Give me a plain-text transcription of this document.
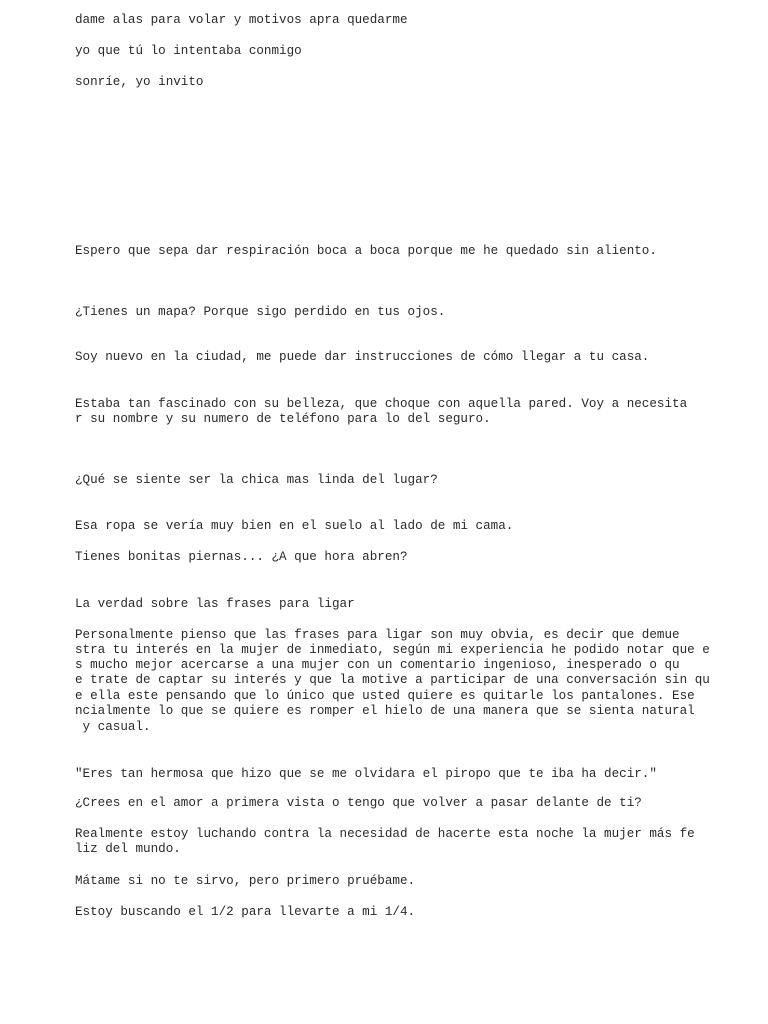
dame alas para volar y motivos apra quedarme

yo que tú lo intentaba conmigo

sonríe, yo invito

Espero que sepa dar respiración boca a boca porque me he quedado sin aliento.

¿Tienes un mapa? Porque sigo perdido en tus ojos.

Soy nuevo en la ciudad, me puede dar instrucciones de cómo llegar a tu casa.

Estaba tan fascinado con su belleza, que choque con aquella pared. Voy a necesita

r su nombre y su numero de teléfono para lo del seguro.

¿Qué se siente ser la chica mas linda del lugar?

Esa ropa se vería muy bien en el suelo al lado de mi cama.

Tienes bonitas piernas... ¿A que hora abren?

La verdad sobre las frases para ligar

Personalmente pienso que las frases para ligar son muy obvia, es decir que demue

stra tu interés en la mujer de inmediato, según mi experiencia he podido notar que e

s mucho mejor acercarse a una mujer con un comentario ingenioso, inesperado o qu

e trate de captar su interés y que la motive a participar de una conversación sin qu

e ella este pensando que lo único que usted quiere es quitarle los pantalones. Ese

ncialmente lo que se quiere es romper el hielo de una manera que se sienta natural

y casual.

"Eres tan hermosa que hizo que se me olvidara el piropo que te iba ha decir."

¿Crees en el amor a primera vista o tengo que volver a pasar delante de ti?

Realmente estoy luchando contra la necesidad de hacerte esta noche la mujer más fe

liz del mundo.

Mátame si no te sirvo, pero primero pruébame.

Estoy buscando el 1/2 para llevarte a mi 1/4.
